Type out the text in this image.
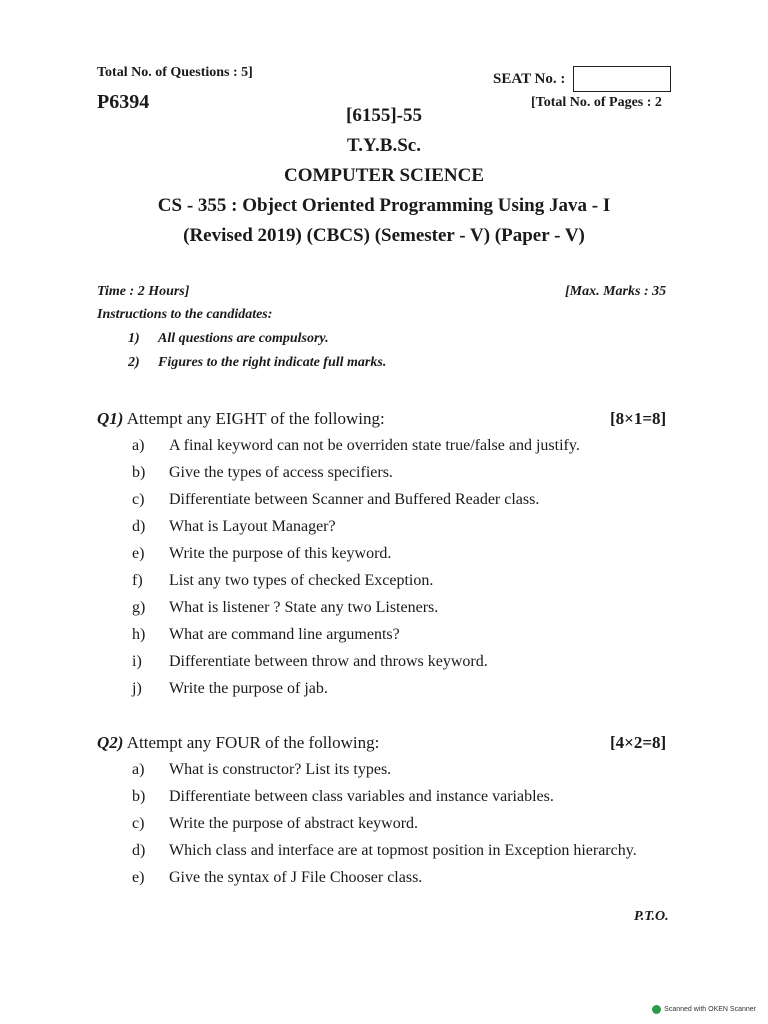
Total No. of Questions : 5]	SEAT No. :
P6394	[Total No. of Pages : 2
[6155]-55
T.Y.B.Sc.
COMPUTER SCIENCE
CS - 355 : Object Oriented Programming Using Java - I
(Revised 2019) (CBCS) (Semester - V) (Paper - V)
Time : 2 Hours]	[Max. Marks : 35
Instructions to the candidates:
1) All questions are compulsory.
2) Figures to the right indicate full marks.
Q1) Attempt any EIGHT of the following:	[8×1=8]
a) A final keyword can not be overriden state true/false and justify.
b) Give the types of access specifiers.
c) Differentiate between Scanner and Buffered Reader class.
d) What is Layout Manager?
e) Write the purpose of this keyword.
f) List any two types of checked Exception.
g) What is listener ? State any two Listeners.
h) What are command line arguments?
i) Differentiate between throw and throws keyword.
j) Write the purpose of jab.
Q2) Attempt any FOUR of the following:	[4×2=8]
a) What is constructor? List its types.
b) Differentiate between class variables and instance variables.
c) Write the purpose of abstract keyword.
d) Which class and interface are at topmost position in Exception hierarchy.
e) Give the syntax of J File Chooser class.
P.T.O.
Scanned with OKEN Scanner
